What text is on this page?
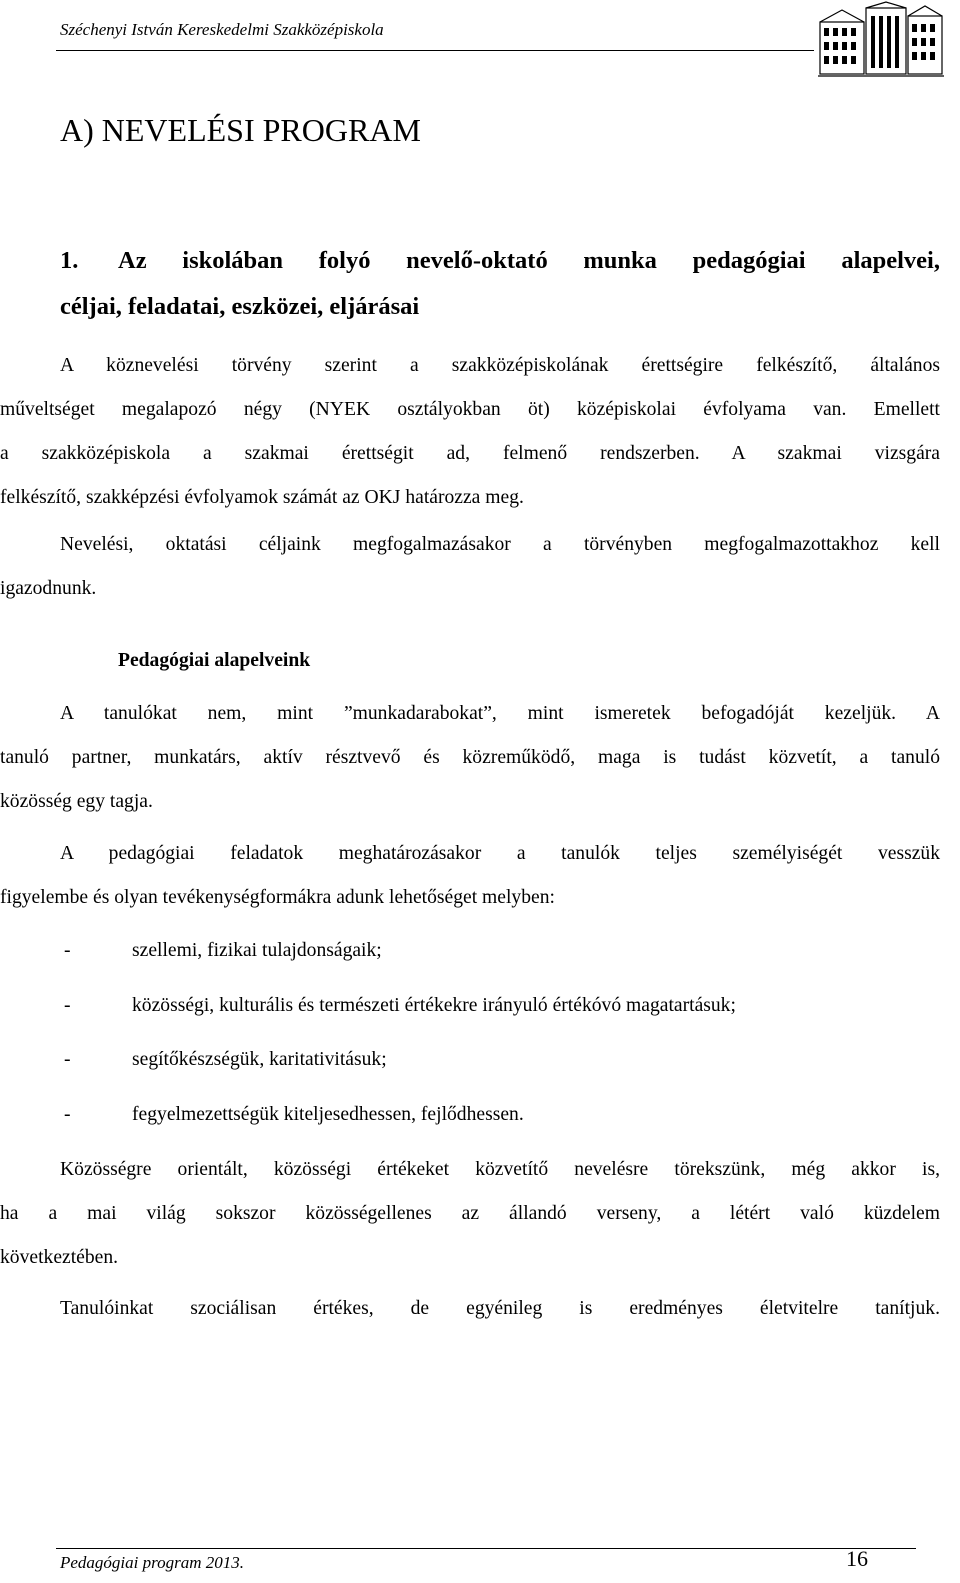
Széchenyi István Kereskedelmi Szakközépiskola
A) NEVELÉSI PROGRAM
1. Az iskolában folyó nevelő-oktató munka pedagógiai alapelvei,
céljai, feladatai, eszközei, eljárásai
A köznevelési törvény szerint a szakközépiskolának érettségire felkészítő, általános
műveltséget megalapozó négy (NYEK osztályokban öt) középiskolai évfolyama van. Emellett
a szakközépiskola a szakmai érettségit ad, felmenő rendszerben. A szakmai vizsgára
felkészítő, szakképzési évfolyamok számát az OKJ határozza meg.
Nevelési, oktatási céljaink megfogalmazásakor a törvényben megfogalmazottakhoz kell
igazodnunk.
Pedagógiai alapelveink
A tanulókat nem, mint ”munkadarabokat”, mint ismeretek befogadóját kezeljük. A
tanuló partner, munkatárs, aktív résztvevő és közreműködő, maga is tudást közvetít, a tanuló
közösség egy tagja.
A pedagógiai feladatok meghatározásakor a tanulók teljes személyiségét vesszük
figyelembe és olyan tevékenységformákra adunk lehetőséget melyben:
-	szellemi, fizikai tulajdonságaik;
-	közösségi, kulturális és természeti értékekre irányuló értékóvó magatartásuk;
-	segítőkészségük, karitativitásuk;
-	fegyelmezettségük kiteljesedhessen, fejlődhessen.
Közösségre orientált, közösségi értékeket közvetítő nevelésre törekszünk, még akkor is,
ha a mai világ sokszor közösségellenes az állandó verseny, a létért való küzdelem
következtében.
Tanulóinkat szociálisan értékes, de egyénileg is eredményes életvitelre tanítjuk.
Pedagógiai program 2013.	16
